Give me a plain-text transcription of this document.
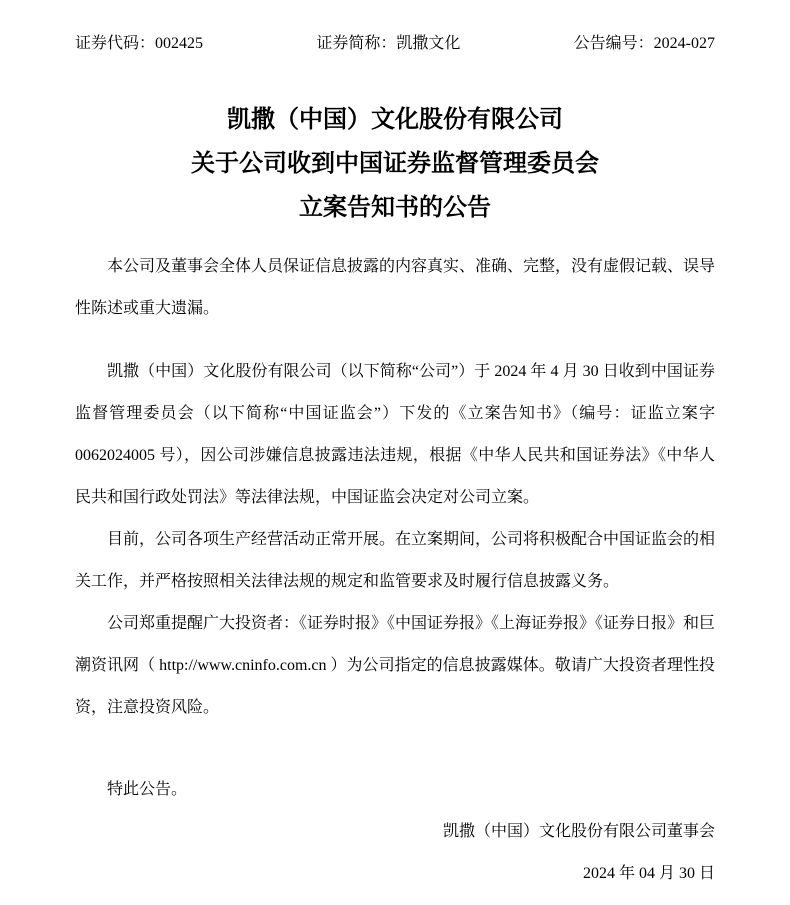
证券代码：002425	证券简称：凯撒文化	公告编号：2024-027
凯撒（中国）文化股份有限公司
关于公司收到中国证券监督管理委员会
立案告知书的公告

本公司及董事会全体人员保证信息披露的内容真实、准确、完整，没有虚假记载、误导性陈述或重大遗漏。

凯撒（中国）文化股份有限公司（以下简称“公司”）于 2024 年 4 月 30 日收到中国证券监督管理委员会（以下简称“中国证监会”）下发的《立案告知书》（编号：证监立案字 0062024005 号），因公司涉嫌信息披露违法违规，根据《中华人民共和国证券法》《中华人民共和国行政处罚法》等法律法规，中国证监会决定对公司立案。

目前，公司各项生产经营活动正常开展。在立案期间，公司将积极配合中国证监会的相关工作，并严格按照相关法律法规的规定和监管要求及时履行信息披露义务。

公司郑重提醒广大投资者：《证券时报》《中国证券报》《上海证券报》《证券日报》和巨潮资讯网（ http://www.cninfo.com.cn ）为公司指定的信息披露媒体。敬请广大投资者理性投资，注意投资风险。

特此公告。

凯撒（中国）文化股份有限公司董事会

2024 年 04 月 30 日
